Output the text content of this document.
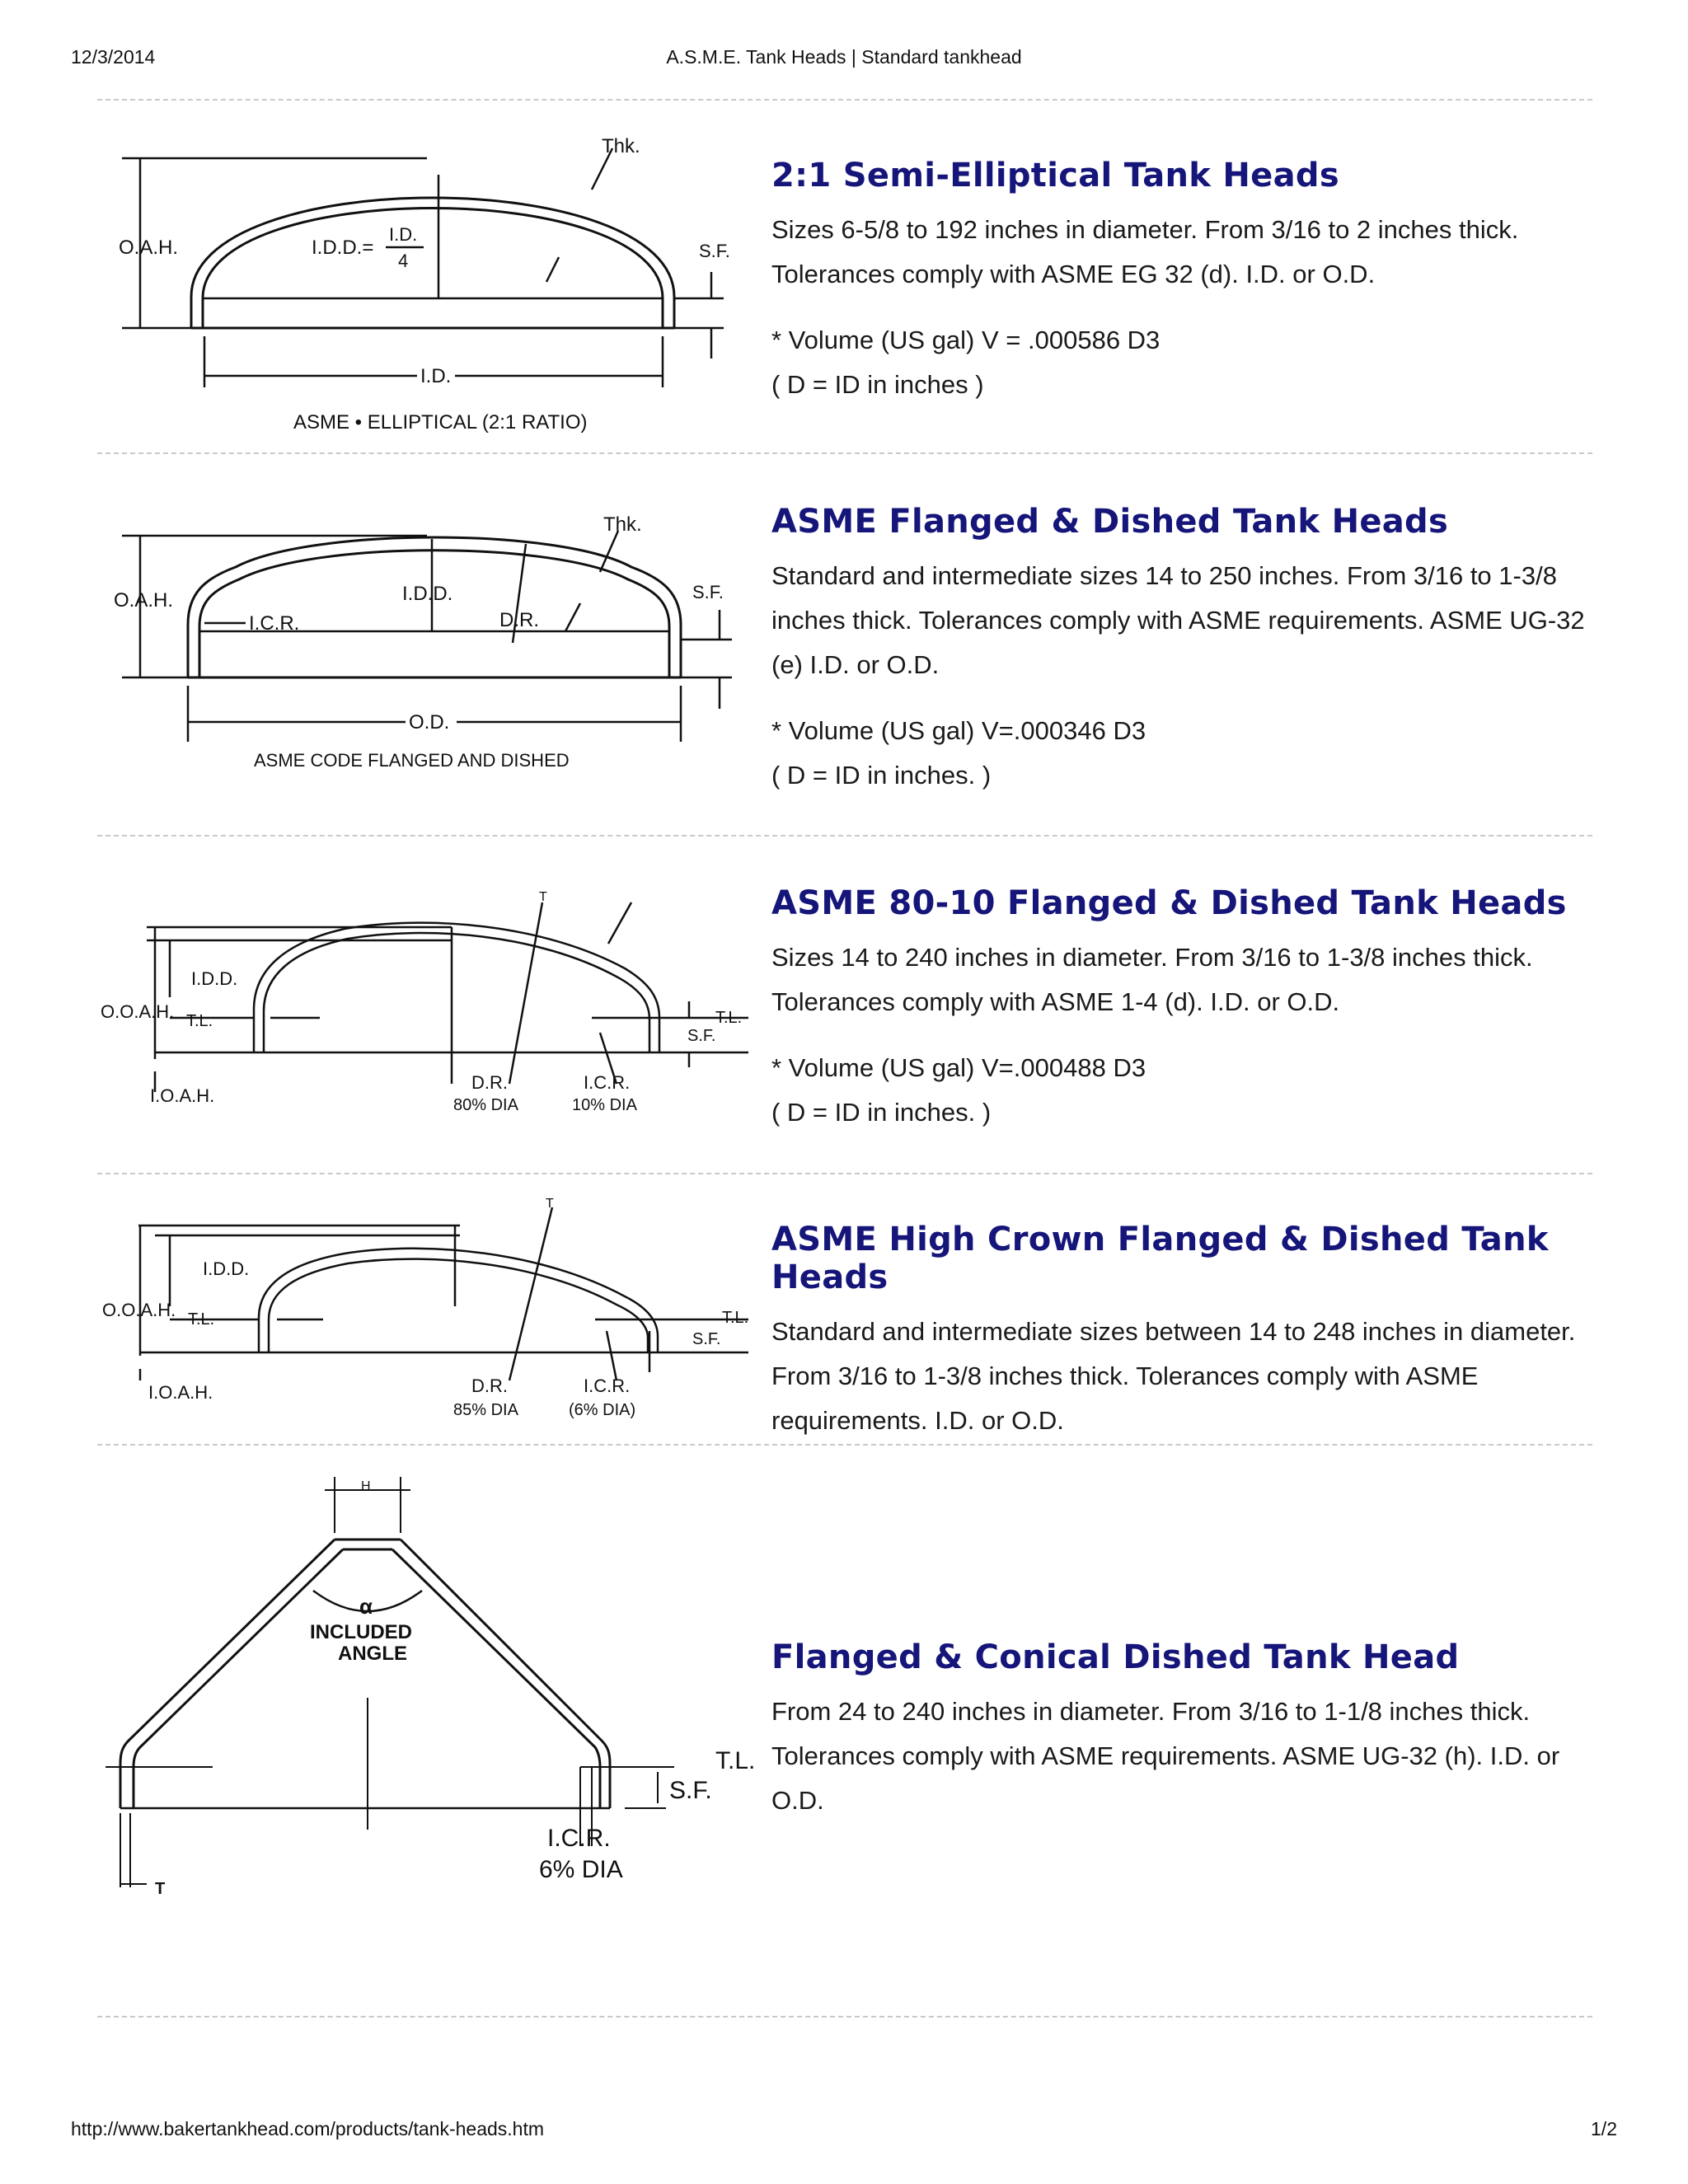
12/3/2014	A.S.M.E. Tank Heads | Standard tankhead
Thk.
O.A.H.	I.D.D.=
I.D.
4	S.F.
I.D.
ASME • ELLIPTICAL (2:1 RATIO)
2:1 Semi-Elliptical Tank Heads

Sizes 6-5/8 to 192 inches in diameter. From 3/16 to 2 inches thick. Tolerances comply with ASME EG 32 (d). I.D. or O.D.

* Volume (US gal) V = .000586 D3

( D = ID in inches )

Thk.
O.A.H.
I.C.R.
I.D.D.
D.R.
S.F.
O.D.
ASME CODE FLANGED AND DISHED
ASME Flanged & Dished Tank Heads

Standard and intermediate sizes 14 to 250 inches. From 3/16 to 1-3/8 inches thick. Tolerances comply with ASME requirements. ASME UG-32 (e) I.D. or O.D.

* Volume (US gal) V=.000346 D3

( D = ID in inches. )

T
I.D.D.
O.O.A.H. T.L.	T.L.
S.F.
I.O.A.H.
D.R.
80% DIA
I.C.R.
10% DIA
ASME 80-10 Flanged & Dished Tank Heads

Sizes 14 to 240 inches in diameter. From 3/16 to 1-3/8 inches thick. Tolerances comply with ASME 1-4 (d). I.D. or O.D.

* Volume (US gal) V=.000488 D3

( D = ID in inches. )

T
I.D.D.
O.O.A.H. T.L.	T.L.
S.F.
I.O.A.H.	D.R.
85% DIA
I.C.R.
(6% DIA)
ASME High Crown Flanged & Dished Tank Heads

Standard and intermediate sizes between 14 to 248 inches in diameter. From 3/16 to 1-3/8 inches thick. Tolerances comply with ASME requirements. I.D. or O.D.

H
α
INCLUDED
ANGLE
T.L.
S.F.
I.C.R.
6% DIA
T
Flanged & Conical Dished Tank Head

From 24 to 240 inches in diameter. From 3/16 to 1-1/8 inches thick. Tolerances comply with ASME requirements. ASME UG-32 (h). I.D. or O.D.

http://www.bakertankhead.com/products/tank-heads.htm	1/2
